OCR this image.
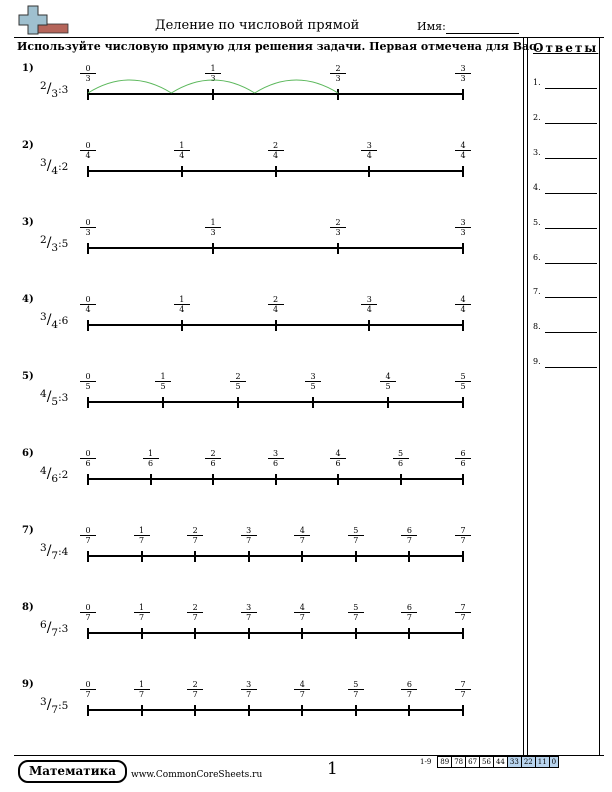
Деление по числовой прямой	Имя:
Используйте числовую прямую для решения задачи. Первая отмечена для Вас.
Ответы
1.
2.
3.
4.
5.
6.
7.
8.
9.
1)
2/3:3
$\frac{0}{3}$	$\frac{1}{3}$	$\frac{2}{3}$	$\frac{3}{3}$
2)
3/4:2
$\frac{0}{4}$	$\frac{1}{4}$	$\frac{2}{4}$	$\frac{3}{4}$	$\frac{4}{4}$
3)
2/3:5
$\frac{0}{3}$	$\frac{1}{3}$	$\frac{2}{3}$	$\frac{3}{3}$
4)
3/4:6
$\frac{0}{4}$	$\frac{1}{4}$	$\frac{2}{4}$	$\frac{3}{4}$	$\frac{4}{4}$
5)
4/5:3
$\frac{0}{5}$	$\frac{1}{5}$	$\frac{2}{5}$	$\frac{3}{5}$	$\frac{4}{5}$	$\frac{5}{5}$
6)
4/6:2
$\frac{0}{6}$	$\frac{1}{6}$	$\frac{2}{6}$	$\frac{3}{6}$	$\frac{4}{6}$	$\frac{5}{6}$	$\frac{6}{6}$
7)
3/7:4
$\frac{0}{7}$	$\frac{1}{7}$	$\frac{2}{7}$	$\frac{3}{7}$	$\frac{4}{7}$	$\frac{5}{7}$	$\frac{6}{7}$	$\frac{7}{7}$
8)
6/7:3
$\frac{0}{7}$	$\frac{1}{7}$	$\frac{2}{7}$	$\frac{3}{7}$	$\frac{4}{7}$	$\frac{5}{7}$	$\frac{6}{7}$	$\frac{7}{7}$
9)
3/7:5
$\frac{0}{7}$	$\frac{1}{7}$	$\frac{2}{7}$	$\frac{3}{7}$	$\frac{4}{7}$	$\frac{5}{7}$	$\frac{6}{7}$	$\frac{7}{7}$
Математика	www.CommonCoreSheets.ru	1	1-9	89	78	67	56	44	33	22	11	0
